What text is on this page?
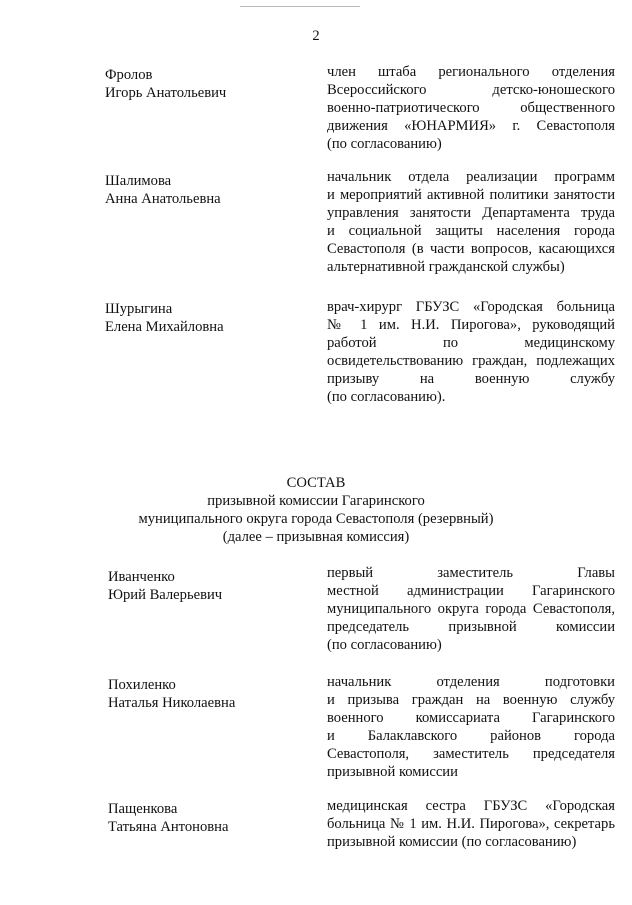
2
Фролов
Игорь Анатольевич
член штаба регионального отделения
Всероссийского детско-юношеского
военно-патриотического общественного
движения «ЮНАРМИЯ» г. Севастополя
(по согласованию)
Шалимова
Анна Анатольевна
начальник отдела реализации программ
и мероприятий активной политики занятости
управления занятости Департамента труда
и социальной защиты населения города
Севастополя (в части вопросов, касающихся
альтернативной гражданской службы)
Шурыгина
Елена Михайловна
врач-хирург ГБУЗС «Городская больница
№ 1 им. Н.И. Пирогова», руководящий
работой по медицинскому
освидетельствованию граждан, подлежащих
призыву на военную службу
(по согласованию).
СОСТАВ
призывной комиссии Гагаринского
муниципального округа города Севастополя (резервный)
(далее – призывная комиссия)
Иванченко
Юрий Валерьевич
первый заместитель Главы
местной администрации Гагаринского
муниципального округа города Севастополя,
председатель призывной комиссии
(по согласованию)
Похиленко
Наталья Николаевна
начальник отделения подготовки
и призыва граждан на военную службу
военного комиссариата Гагаринского
и Балаклавского районов города
Севастополя, заместитель председателя
призывной комиссии
Пащенкова
Татьяна Антоновна
медицинская сестра ГБУЗС «Городская
больница № 1 им. Н.И. Пирогова», секретарь
призывной комиссии (по согласованию)
